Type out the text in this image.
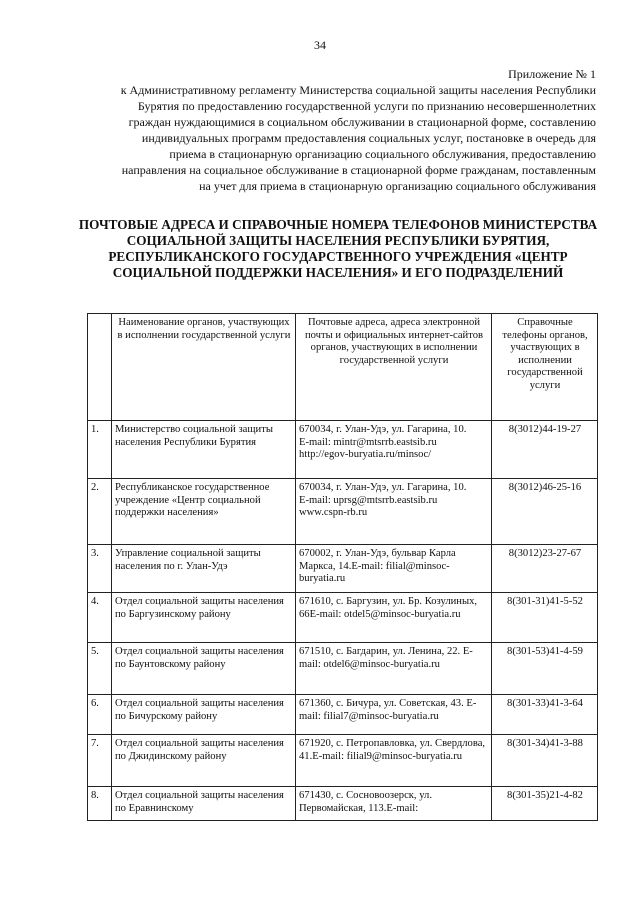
34
Приложение № 1
к Административному регламенту Министерства социальной защиты населения Республики Бурятия по предоставлению государственной услуги по признанию несовершеннолетних граждан нуждающимися в социальном обслуживании в стационарной форме, составлению индивидуальных программ предоставления социальных услуг, постановке в очередь для приема в стационарную организацию социального обслуживания, предоставлению направления на социальное обслуживание в стационарной форме гражданам, поставленным на учет для приема в стационарную организацию социального обслуживания
ПОЧТОВЫЕ АДРЕСА И СПРАВОЧНЫЕ НОМЕРА ТЕЛЕФОНОВ МИНИСТЕРСТВА СОЦИАЛЬНОЙ ЗАЩИТЫ НАСЕЛЕНИЯ РЕСПУБЛИКИ БУРЯТИЯ, РЕСПУБЛИКАНСКОГО ГОСУДАРСТВЕННОГО УЧРЕЖДЕНИЯ «ЦЕНТР СОЦИАЛЬНОЙ ПОДДЕРЖКИ НАСЕЛЕНИЯ» И ЕГО ПОДРАЗДЕЛЕНИЙ
	Наименование органов, участвующих в исполнении государственной услуги	Почтовые адреса, адреса электронной почты и официальных интернет-сайтов органов, участвующих в исполнении государственной услуги	Справочные телефоны органов, участвующих в исполнении государственной услуги
1.	Министерство социальной защиты населения Республики Бурятия	670034, г. Улан-Удэ, ул. Гагарина, 10.
E-mail: mintr@mtsrrb.eastsib.ru
http://egov-buryatia.ru/minsoc/	8(3012)44-19-27
2.	Республиканское государственное учреждение «Центр социальной поддержки населения»	670034, г. Улан-Удэ, ул. Гагарина, 10.
E-mail: uprsg@mtsrrb.eastsib.ru
www.cspn-rb.ru	8(3012)46-25-16
3.	Управление социальной защиты населения по г. Улан-Удэ	670002, г. Улан-Удэ, бульвар Карла Маркса, 14.E-mail: filial@minsoc-buryatia.ru	8(3012)23-27-67
4.	Отдел социальной защиты населения по Баргузинскому району	671610, с. Баргузин, ул. Бр. Козулиных, 66E-mail: otdel5@minsoc-buryatia.ru	8(301-31)41-5-52
5.	Отдел социальной защиты населения по Баунтовскому району	671510, с. Багдарин, ул. Ленина, 22. E-mail: otdel6@minsoc-buryatia.ru	8(301-53)41-4-59
6.	Отдел социальной защиты населения по Бичурскому району	671360, с. Бичура, ул. Советская, 43. E-mail: filial7@minsoc-buryatia.ru	8(301-33)41-3-64
7.	Отдел социальной защиты населения по Джидинскому району	671920, с. Петропавловка, ул. Свердлова, 41.E-mail: filial9@minsoc-buryatia.ru	8(301-34)41-3-88
8.	Отдел социальной защиты населения по Еравнинскому	671430, с. Сосновоозерск, ул. Первомайская, 113.E-mail:	8(301-35)21-4-82
